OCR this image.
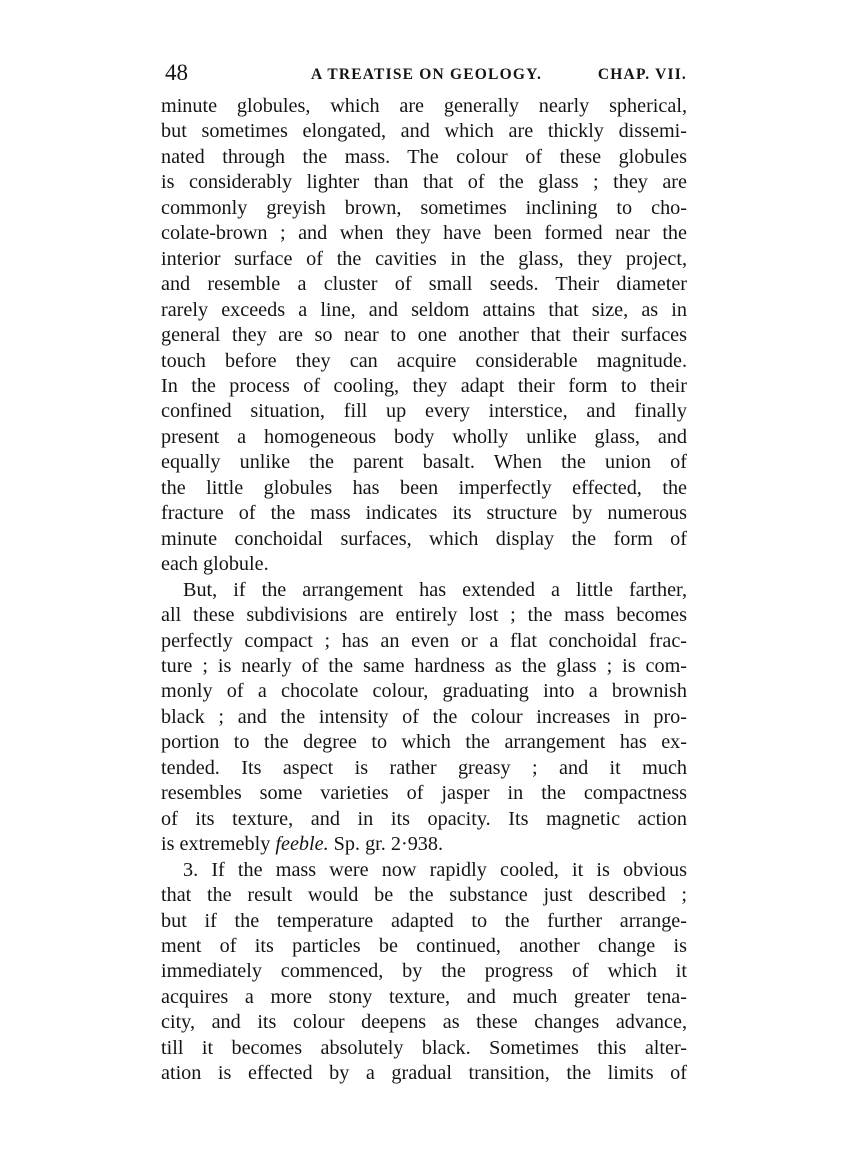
48	A TREATISE ON GEOLOGY.	CHAP. VII.

minute globules, which are generally nearly spherical,
but sometimes elongated, and which are thickly dissemi-
nated through the mass. The colour of these globules
is considerably lighter than that of the glass ; they are
commonly greyish brown, sometimes inclining to cho-
colate-brown ; and when they have been formed near the
interior surface of the cavities in the glass, they project,
and resemble a cluster of small seeds. Their diameter
rarely exceeds a line, and seldom attains that size, as in
general they are so near to one another that their surfaces
touch before they can acquire considerable magnitude.
In the process of cooling, they adapt their form to their
confined situation, fill up every interstice, and finally
present a homogeneous body wholly unlike glass, and
equally unlike the parent basalt. When the union of
the little globules has been imperfectly effected, the
fracture of the mass indicates its structure by numerous
minute conchoidal surfaces, which display the form of
each globule.

But, if the arrangement has extended a little farther,
all these subdivisions are entirely lost ; the mass becomes
perfectly compact ; has an even or a flat conchoidal frac-
ture ; is nearly of the same hardness as the glass ; is com-
monly of a chocolate colour, graduating into a brownish
black ; and the intensity of the colour increases in pro-
portion to the degree to which the arrangement has ex-
tended. Its aspect is rather greasy ; and it much
resembles some varieties of jasper in the compactness
of its texture, and in its opacity. Its magnetic action
is extremebly feeble. Sp. gr. 2·938.

3. If the mass were now rapidly cooled, it is obvious
that the result would be the substance just described ;
but if the temperature adapted to the further arrange-
ment of its particles be continued, another change is
immediately commenced, by the progress of which it
acquires a more stony texture, and much greater tena-
city, and its colour deepens as these changes advance,
till it becomes absolutely black. Sometimes this alter-
ation is effected by a gradual transition, the limits of
